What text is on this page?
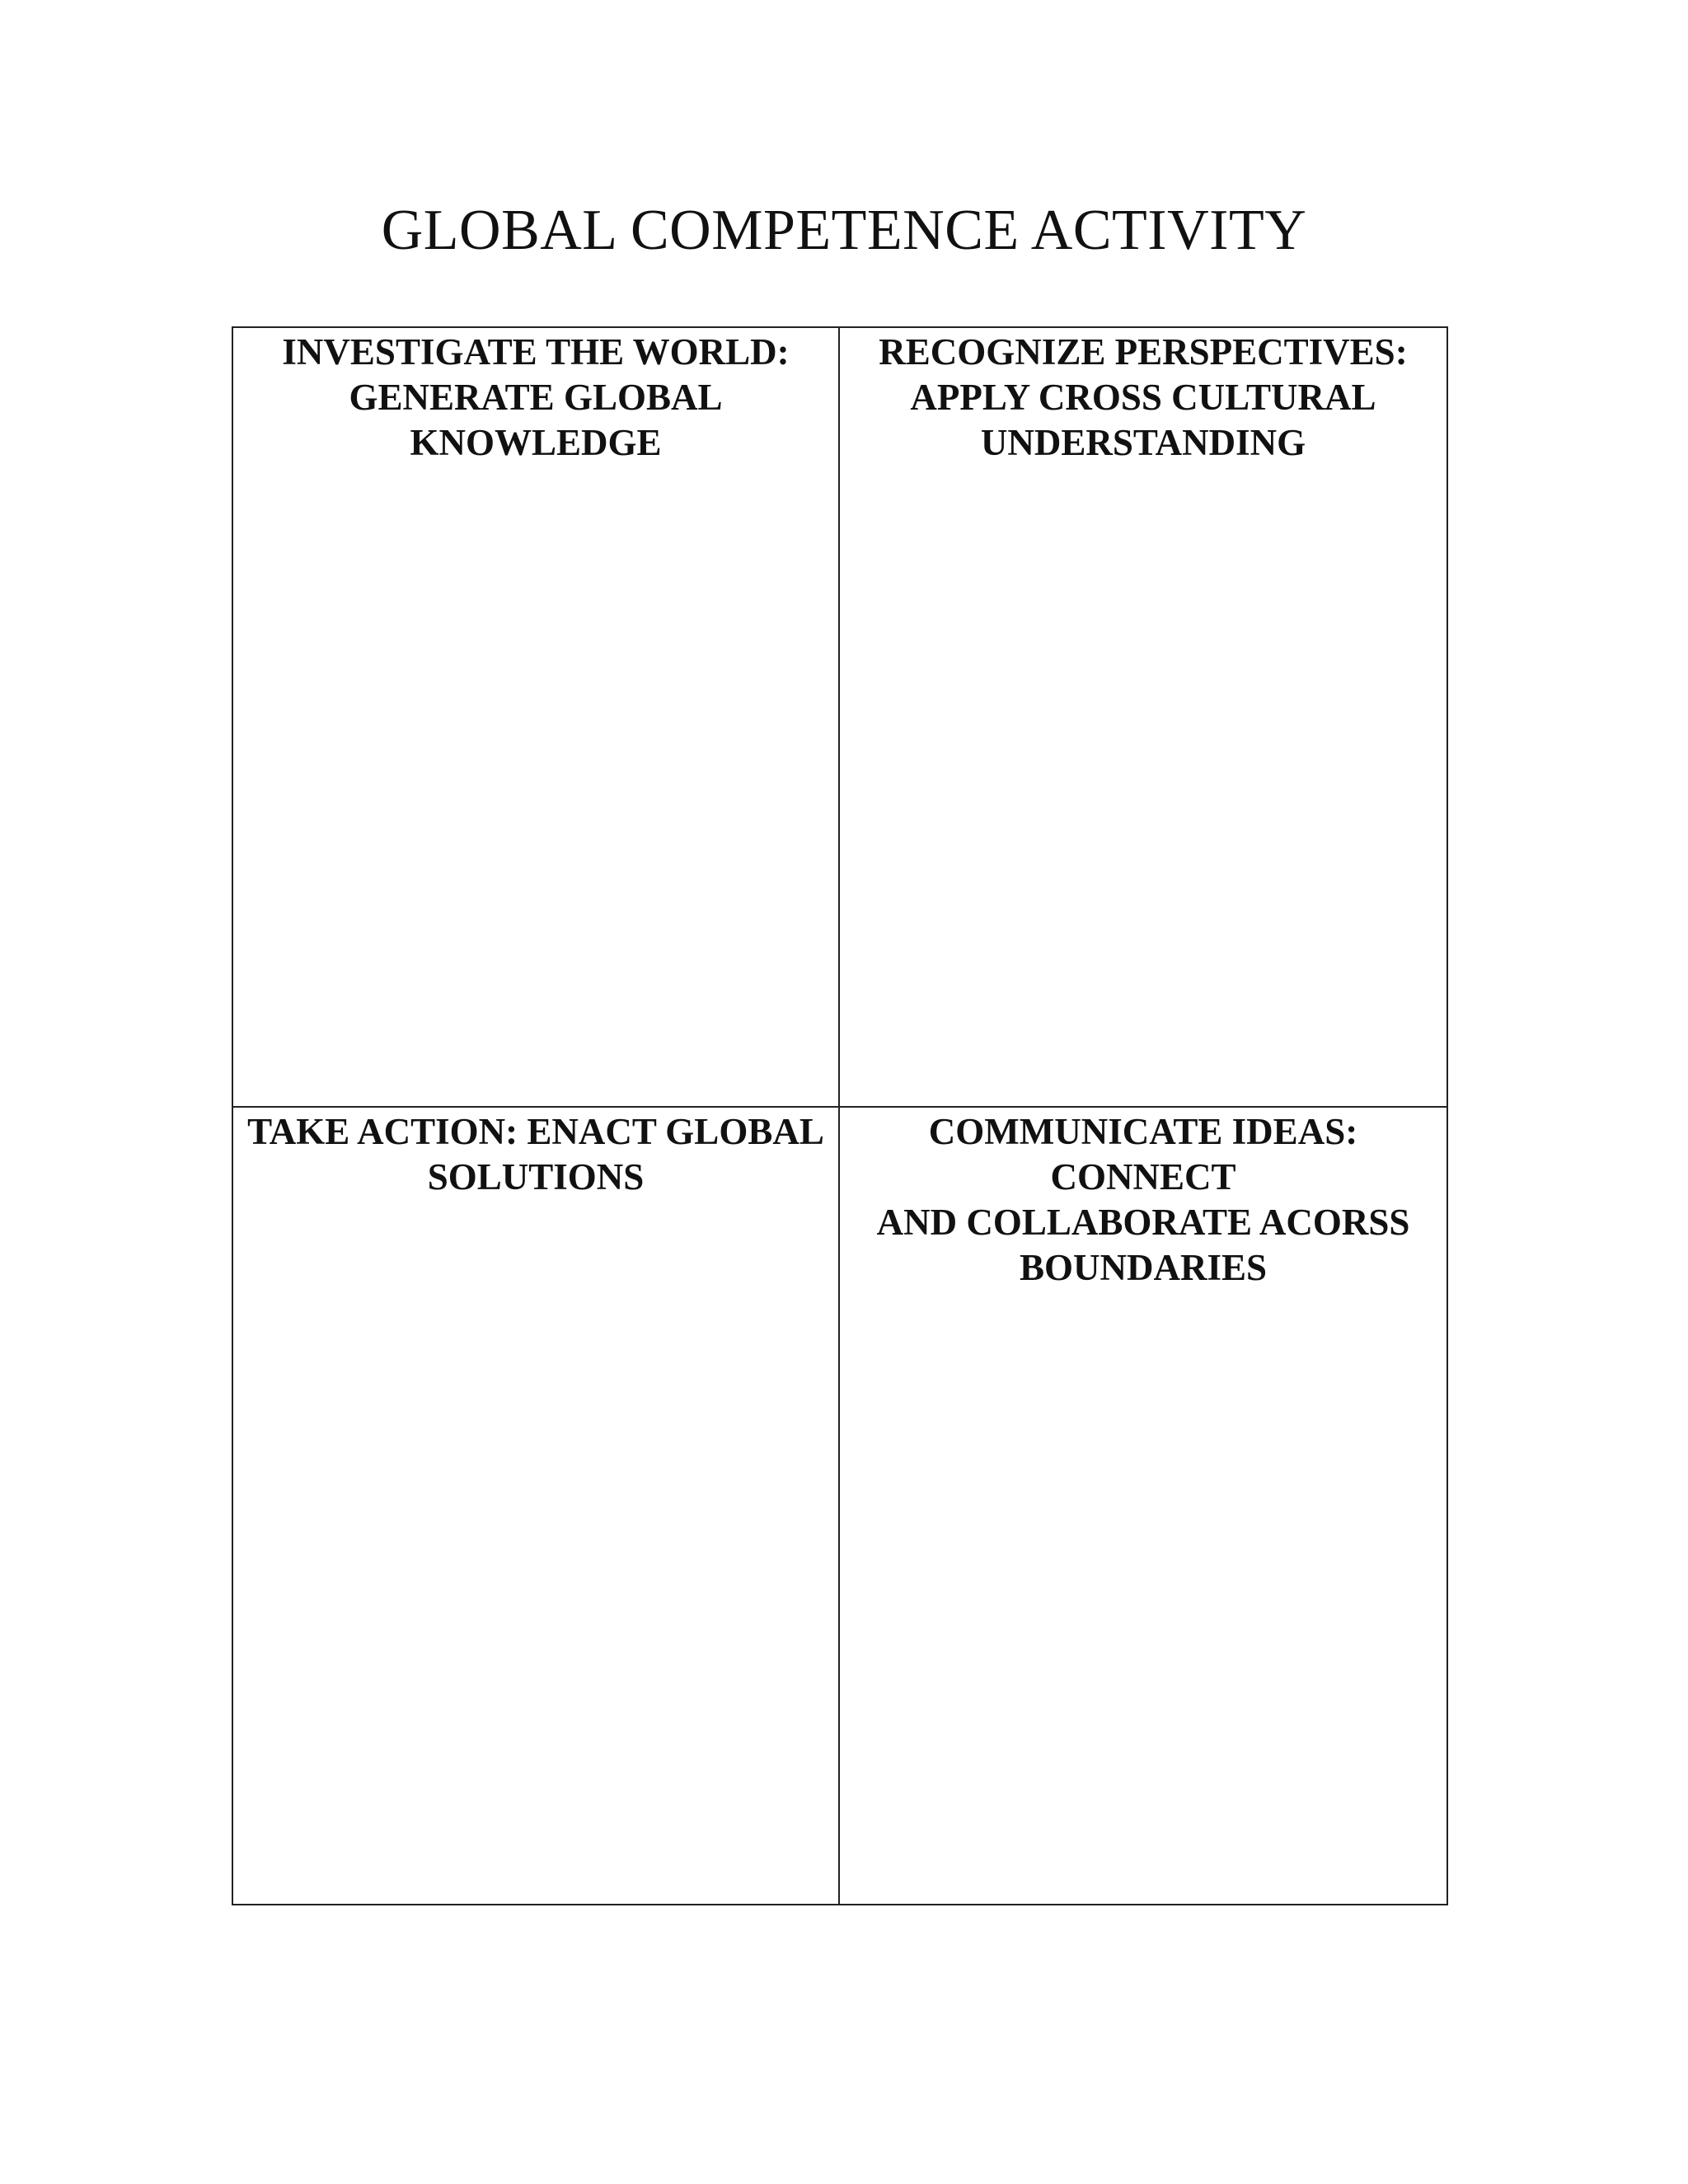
GLOBAL COMPETENCE ACTIVITY

INVESTIGATE THE WORLD:
GENERATE GLOBAL
KNOWLEDGE

RECOGNIZE PERSPECTIVES:
APPLY CROSS CULTURAL
UNDERSTANDING

TAKE ACTION: ENACT GLOBAL
SOLUTIONS

COMMUNICATE IDEAS: CONNECT
AND COLLABORATE ACORSS
BOUNDARIES
